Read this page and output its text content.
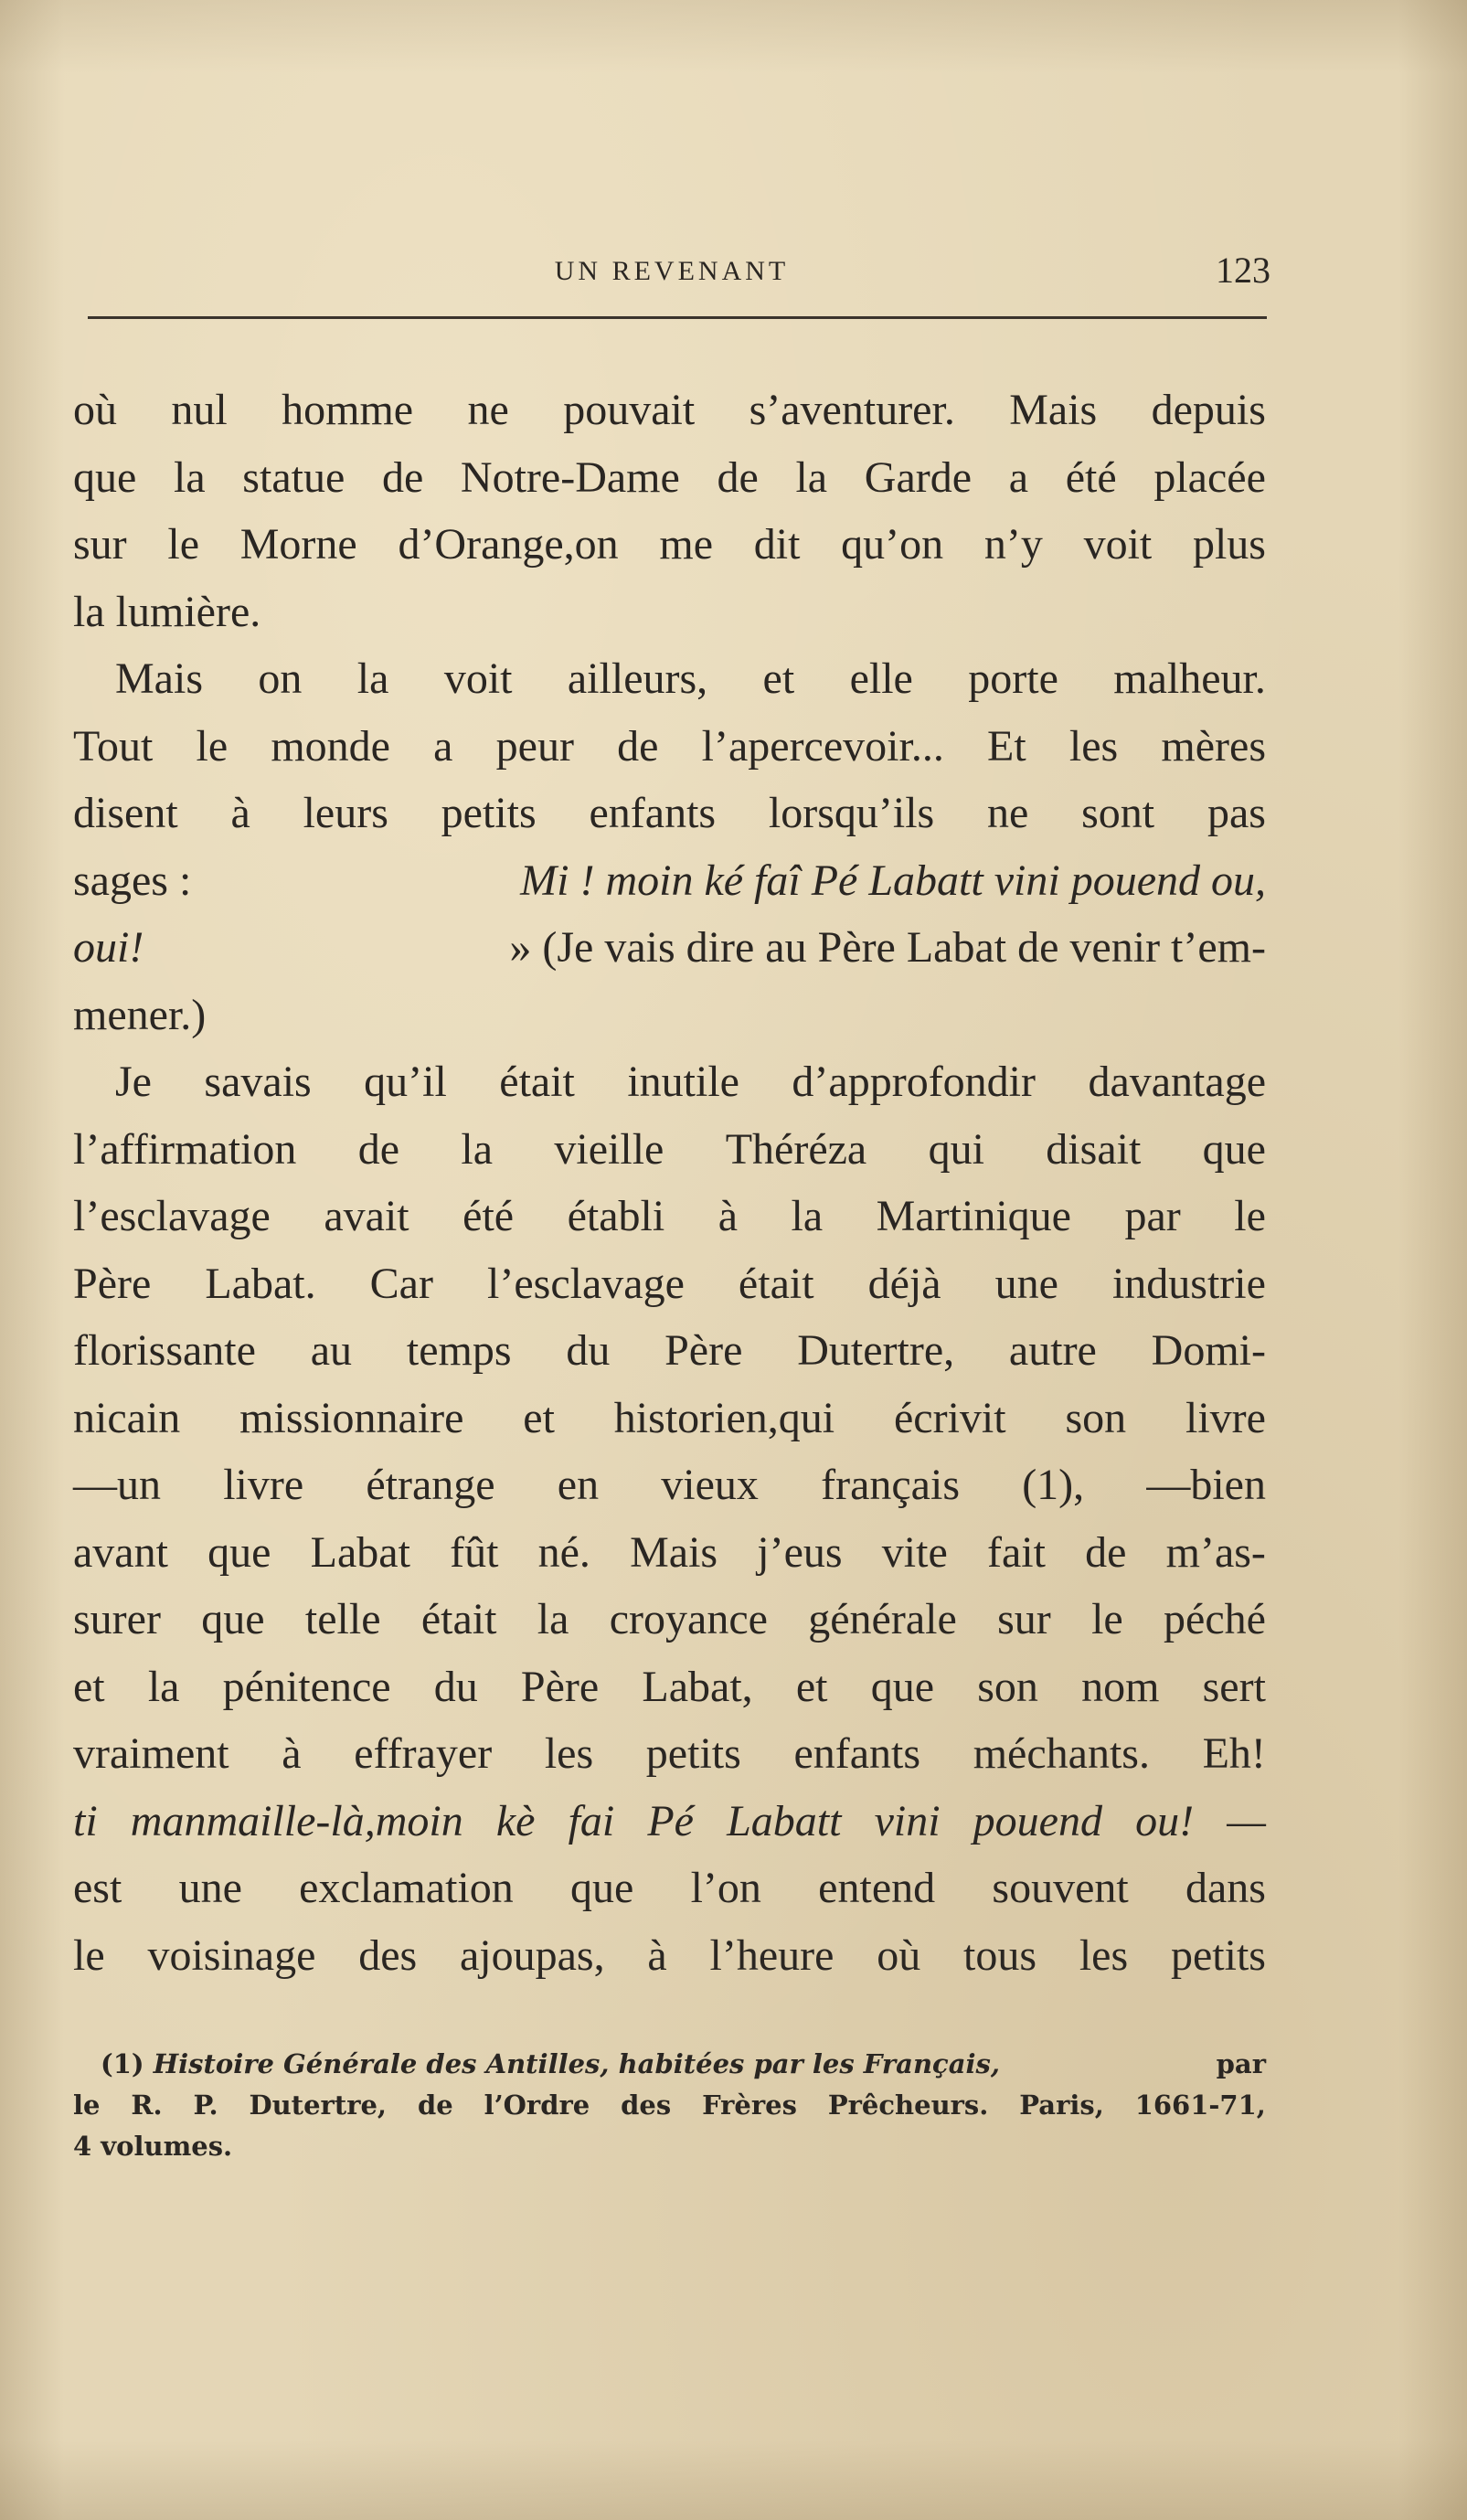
UN REVENANT	123
où nul homme ne pouvait s’aventurer. Mais depuis
que la statue de Notre-Dame de la Garde a été placée
sur le Morne d’Orange,on me dit qu’on n’y voit plus
la lumière.
Mais on la voit ailleurs, et elle porte malheur.
Tout le monde a peur de l’apercevoir... Et les mères
disent à leurs petits enfants lorsqu’ils ne sont pas
sages :	Mi ! moin ké faî Pé Labatt vini pouend ou,
oui!	» (Je vais dire au Père Labat de venir t’em-
mener.)
Je savais qu’il était inutile d’approfondir davantage
l’affirmation de la vieille Théréza qui disait que
l’esclavage avait été établi à la Martinique par le
Père Labat. Car l’esclavage était déjà une industrie
florissante au temps du Père Dutertre, autre Domi-
nicain missionnaire et historien,qui écrivit son livre
—un livre étrange en vieux français (1), —bien
avant que Labat fût né. Mais j’eus vite fait de m’as-
surer que telle était la croyance générale sur le péché
et la pénitence du Père Labat, et que son nom sert
vraiment à effrayer les petits enfants méchants. Eh!
ti manmaille-là,moin kè fai Pé Labatt vini pouend ou! —
est une exclamation que l’on entend souvent dans
le voisinage des ajoupas, à l’heure où tous les petits
(1) Histoire Générale des Antilles, habitées par les Français,	par
le R. P. Dutertre, de l’Ordre des Frères Prêcheurs. Paris, 1661-71,
4 volumes.
